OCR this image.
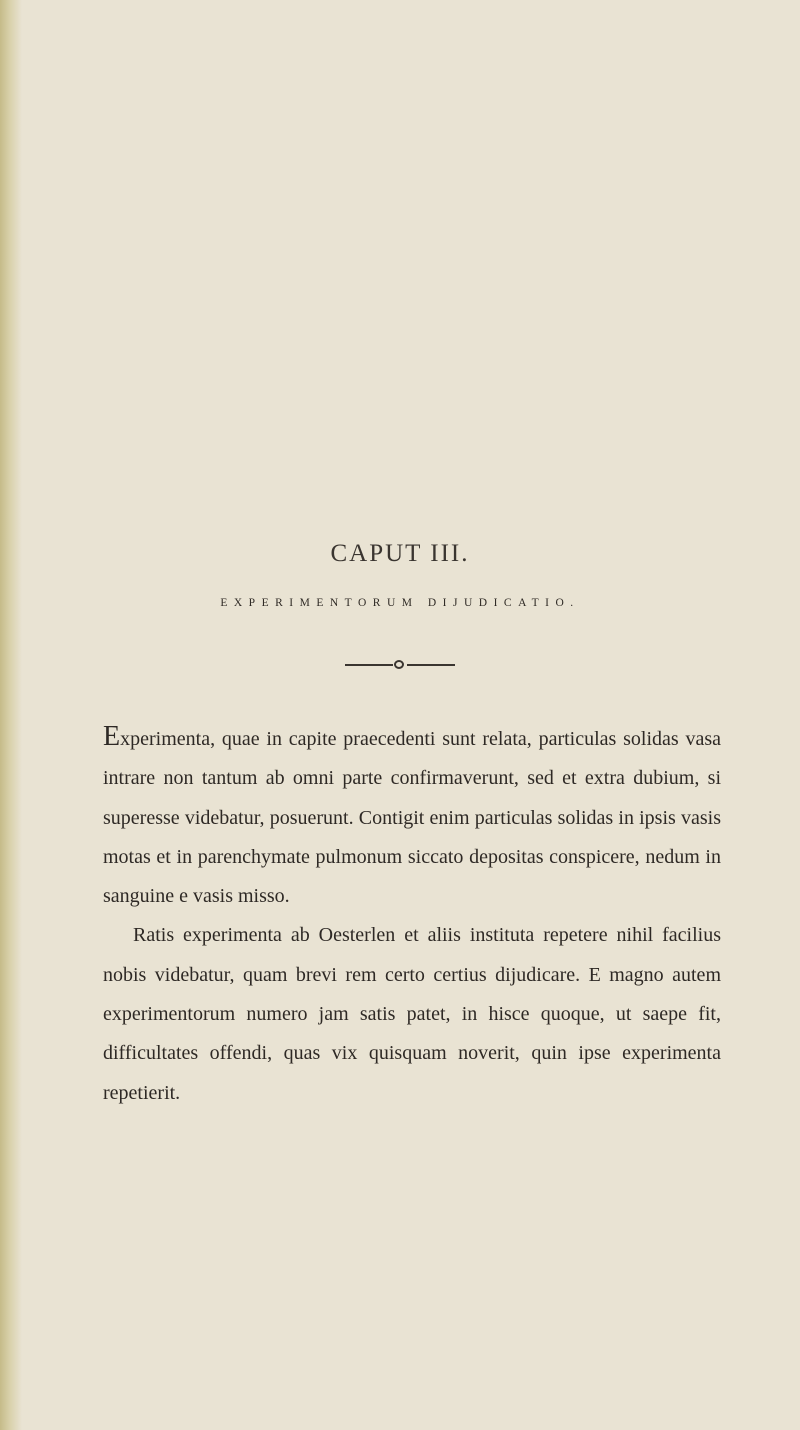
CAPUT III.
EXPERIMENTORUM DIJUDICATIO.

Experimenta, quae in capite praecedenti sunt relata, particulas solidas vasa intrare non tantum ab omni parte confirmaverunt, sed et extra dubium, si superesse videbatur, posuerunt. Contigit enim particulas solidas in ipsis vasis motas et in parenchymate pulmonum siccato depositas conspicere, nedum in sanguine e vasis misso.

Ratis experimenta ab Oesterlen et aliis instituta repetere nihil facilius nobis videbatur, quam brevi rem certo certius dijudicare. E magno autem experimentorum numero jam satis patet, in hisce quoque, ut saepe fit, difficultates offendi, quas vix quisquam noverit, quin ipse experimenta repetierit.
